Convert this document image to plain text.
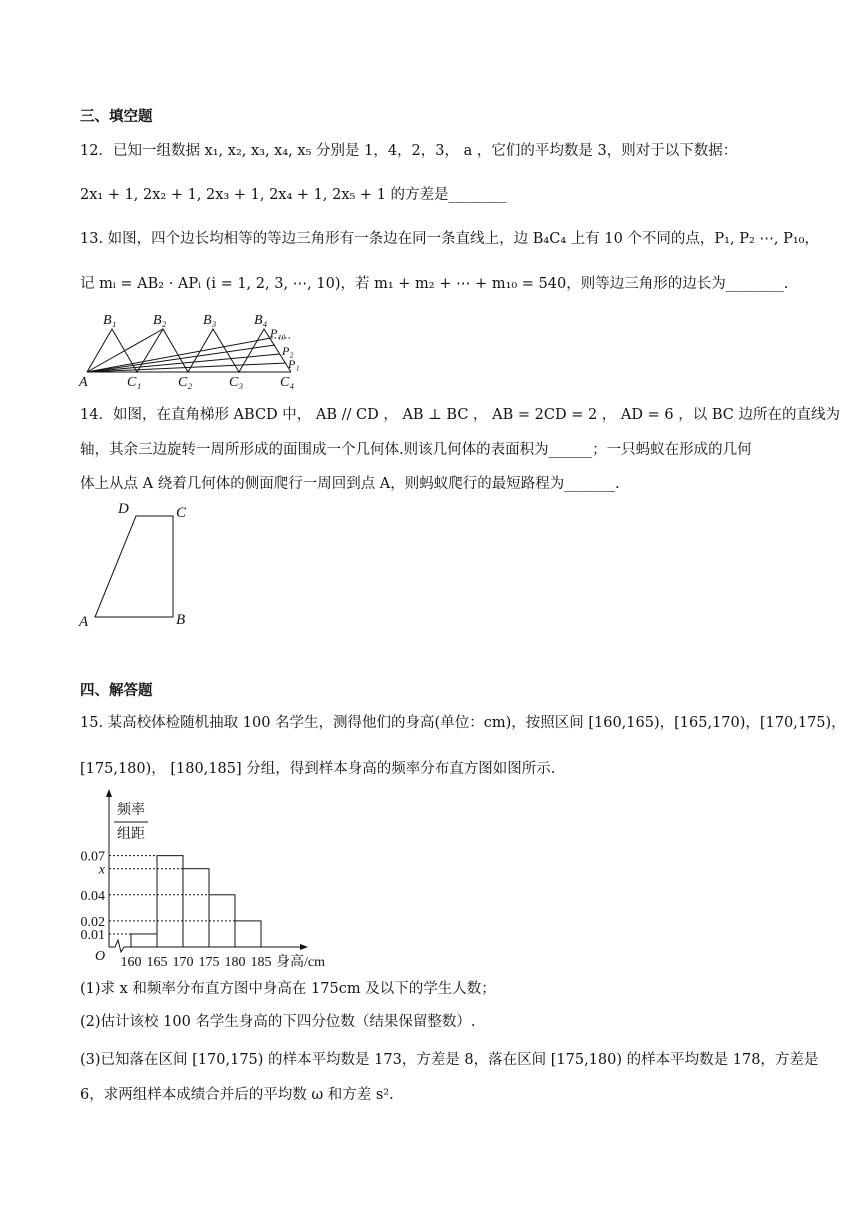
三、填空题
12．已知一组数据 x₁, x₂, x₃, x₄, x₅ 分别是 1，4，2，3， a ，它们的平均数是 3，则对于以下数据：
2x₁ + 1, 2x₂ + 1, 2x₃ + 1, 2x₄ + 1, 2x₅ + 1 的方差是________
13. 如图，四个边长均相等的等边三角形有一条边在同一条直线上，边 B₄C₄ 上有 10 个不同的点，P₁, P₂ ⋯, P₁₀，
记 mᵢ = AB₂ · APᵢ (i = 1, 2, 3, ⋯, 10)，若 m₁ + m₂ + ⋯ + m₁₀ = 540，则等边三角形的边长为________.
B₁	B₂	B₃	B₄
P₁₀
P₂
P₁
A	C₁	C₂	C₃	C₄
14．如图，在直角梯形 ABCD 中， AB // CD ， AB ⊥ BC ， AB = 2CD = 2 ， AD = 6 ，以 BC 边所在的直线为
轴，其余三边旋转一周所形成的面围成一个几何体.则该几何体的表面积为______；一只蚂蚁在形成的几何
体上从点 A 绕着几何体的侧面爬行一周回到点 A，则蚂蚁爬行的最短路程为_______.
D	C
A	B
四、解答题
15. 某高校体检随机抽取 100 名学生，测得他们的身高(单位：cm)，按照区间 [160,165)，[165,170)，[170,175)，
[175,180)， [180,185] 分组，得到样本身高的频率分布直方图如图所示.
频率
组距
O	身高/cm
0.01
0.02
0.04
x
0.07
160 165 170 175 180 185
(1)求 x 和频率分布直方图中身高在 175cm 及以下的学生人数；
(2)估计该校 100 名学生身高的下四分位数（结果保留整数）.
(3)已知落在区间 [170,175) 的样本平均数是 173，方差是 8，落在区间 [175,180) 的样本平均数是 178，方差是
6，求两组样本成绩合并后的平均数 ω 和方差 s².
